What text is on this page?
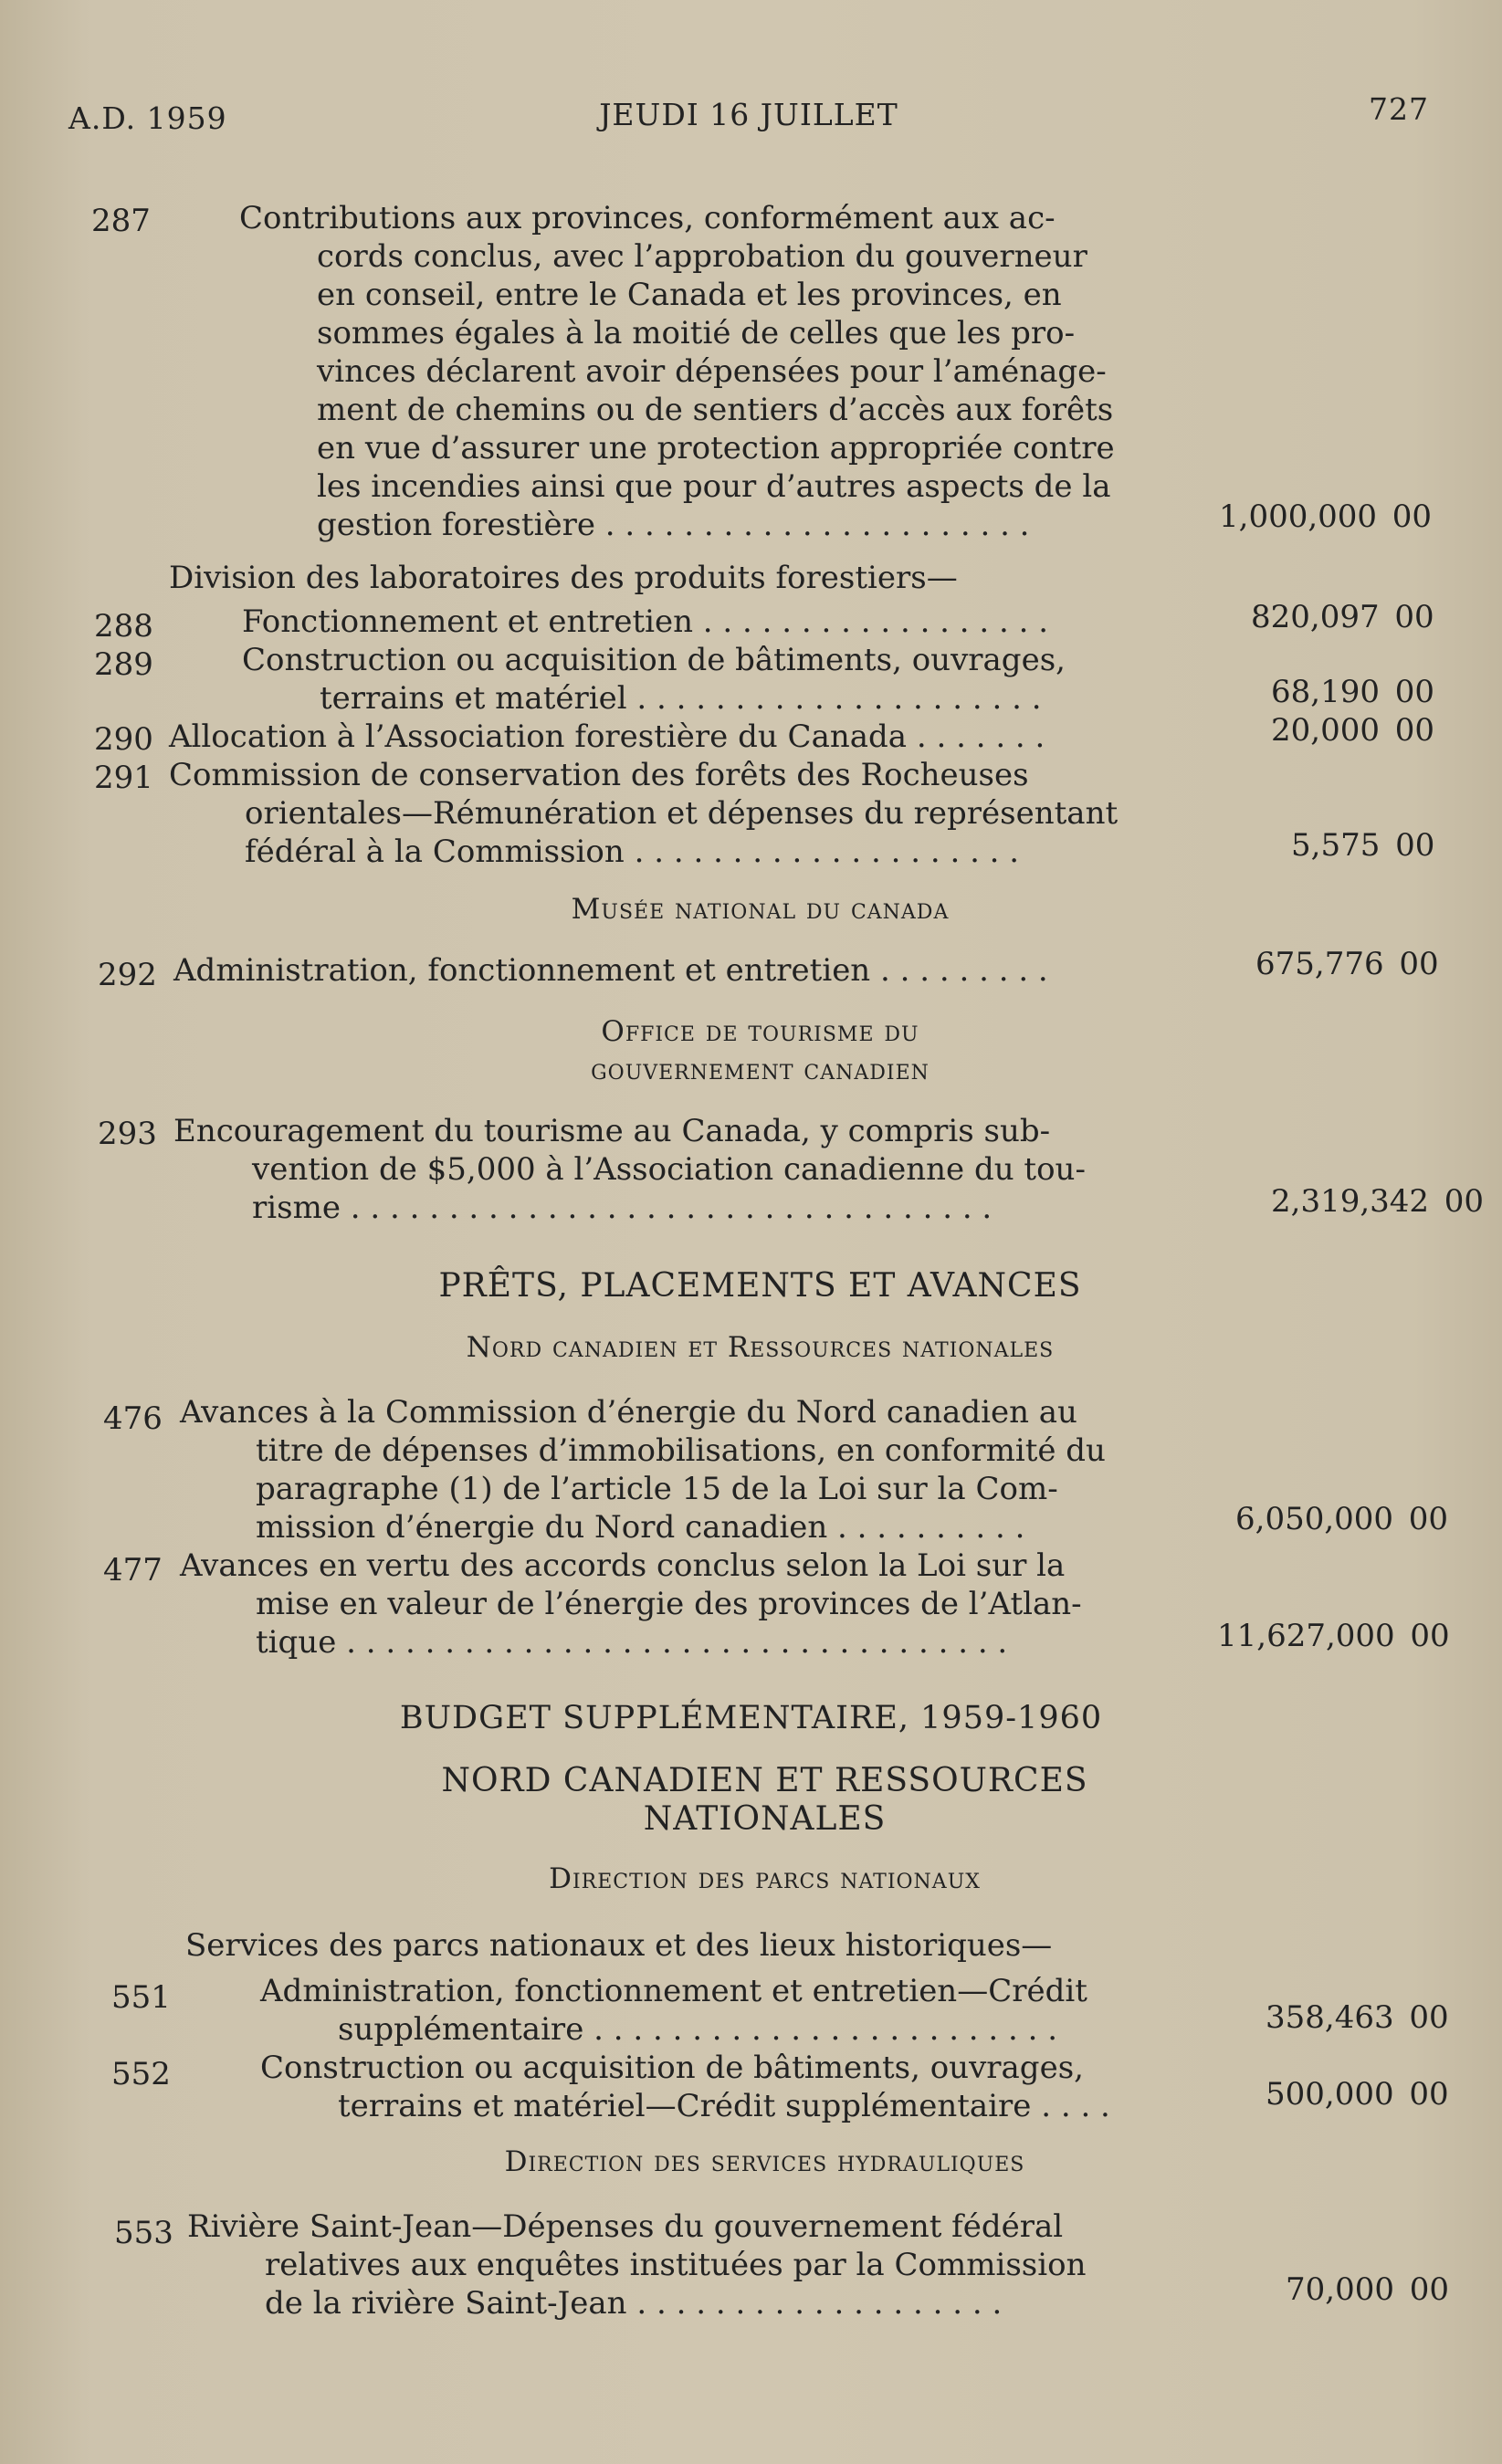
A.D. 1959	JEUDI 16 JUILLET	727
287	Contributions aux provinces, conformément aux ac-
cords conclus, avec l’approbation du gouverneur
en conseil, entre le Canada et les provinces, en
sommes égales à la moitié de celles que les pro-
vinces déclarent avoir dépensées pour l’aménage-
ment de chemins ou de sentiers d’accès aux forêts
en vue d’assurer une protection appropriée contre
les incendies ainsi que pour d’autres aspects de la
gestion forestière . . . . . . . . . . . . . . . . . . . . . .	1,000,000 00
Division des laboratoires des produits forestiers—
288	Fonctionnement et entretien . . . . . . . . . . . . . . . . . .	820,097 00
289	Construction ou acquisition de bâtiments, ouvrages,
terrains et matériel . . . . . . . . . . . . . . . . . . . . .	68,190 00
290 Allocation à l’Association forestière du Canada . . . . . . .	20,000 00
291 Commission de conservation des forêts des Rocheuses
orientales—Rémunération et dépenses du représentant
fédéral à la Commission . . . . . . . . . . . . . . . . . . . .	5,575 00
Musée national du canada
292 Administration, fonctionnement et entretien . . . . . . . . .	675,776 00
Office de tourisme du
gouvernement canadien
293 Encouragement du tourisme au Canada, y compris sub-
vention de $5,000 à l’Association canadienne du tou-
risme . . . . . . . . . . . . . . . . . . . . . . . . . . . . . . . . .	2,319,342 00
PRÊTS, PLACEMENTS ET AVANCES
Nord canadien et Ressources nationales
476 Avances à la Commission d’énergie du Nord canadien au
titre de dépenses d’immobilisations, en conformité du
paragraphe (1) de l’article 15 de la Loi sur la Com-
mission d’énergie du Nord canadien . . . . . . . . . .	6,050,000 00
477 Avances en vertu des accords conclus selon la Loi sur la
mise en valeur de l’énergie des provinces de l’Atlan-
tique . . . . . . . . . . . . . . . . . . . . . . . . . . . . . . . . . .	11,627,000 00
BUDGET SUPPLÉMENTAIRE, 1959-1960
NORD CANADIEN ET RESSOURCES
NATIONALES
Direction des parcs nationaux
Services des parcs nationaux et des lieux historiques—
551	Administration, fonctionnement et entretien—Crédit
supplémentaire . . . . . . . . . . . . . . . . . . . . . . . .	358,463 00
552	Construction ou acquisition de bâtiments, ouvrages,
terrains et matériel—Crédit supplémentaire . . . .	500,000 00
Direction des services hydrauliques
553 Rivière Saint-Jean—Dépenses du gouvernement fédéral
relatives aux enquêtes instituées par la Commission
de la rivière Saint-Jean . . . . . . . . . . . . . . . . . . .	70,000 00
